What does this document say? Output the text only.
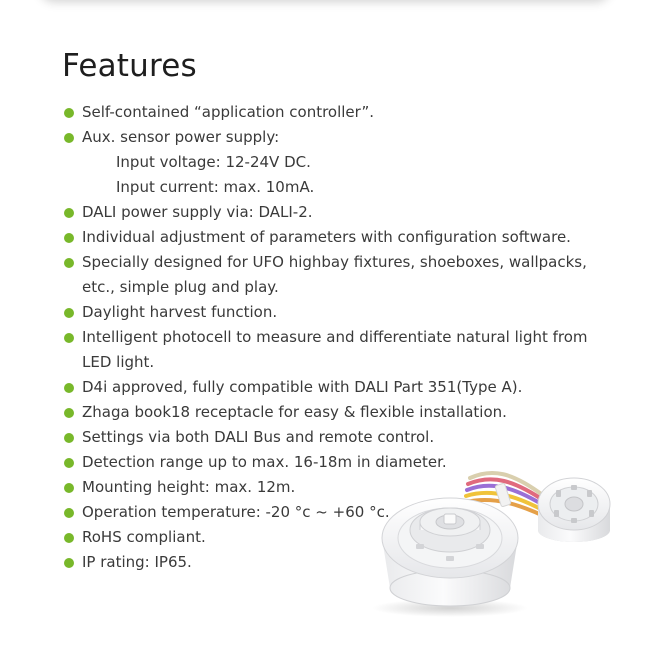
Features
Self-contained “application controller”.
Aux. sensor power supply:
Input voltage: 12-24V DC.
Input current: max. 10mA.
DALI power supply via: DALI-2.
Individual adjustment of parameters with configuration software.
Specially designed for UFO highbay fixtures, shoeboxes, wallpacks, etc., simple plug and play.
Daylight harvest function.
Intelligent photocell to measure and differentiate natural light from LED light.
D4i approved, fully compatible with DALI Part 351(Type A).
Zhaga book18 receptacle for easy & flexible installation.
Settings via both DALI Bus and remote control.
Detection range up to max. 16-18m in diameter.
Mounting height: max. 12m.
Operation temperature: -20 °c ~ +60 °c.
RoHS compliant.
IP rating: IP65.
